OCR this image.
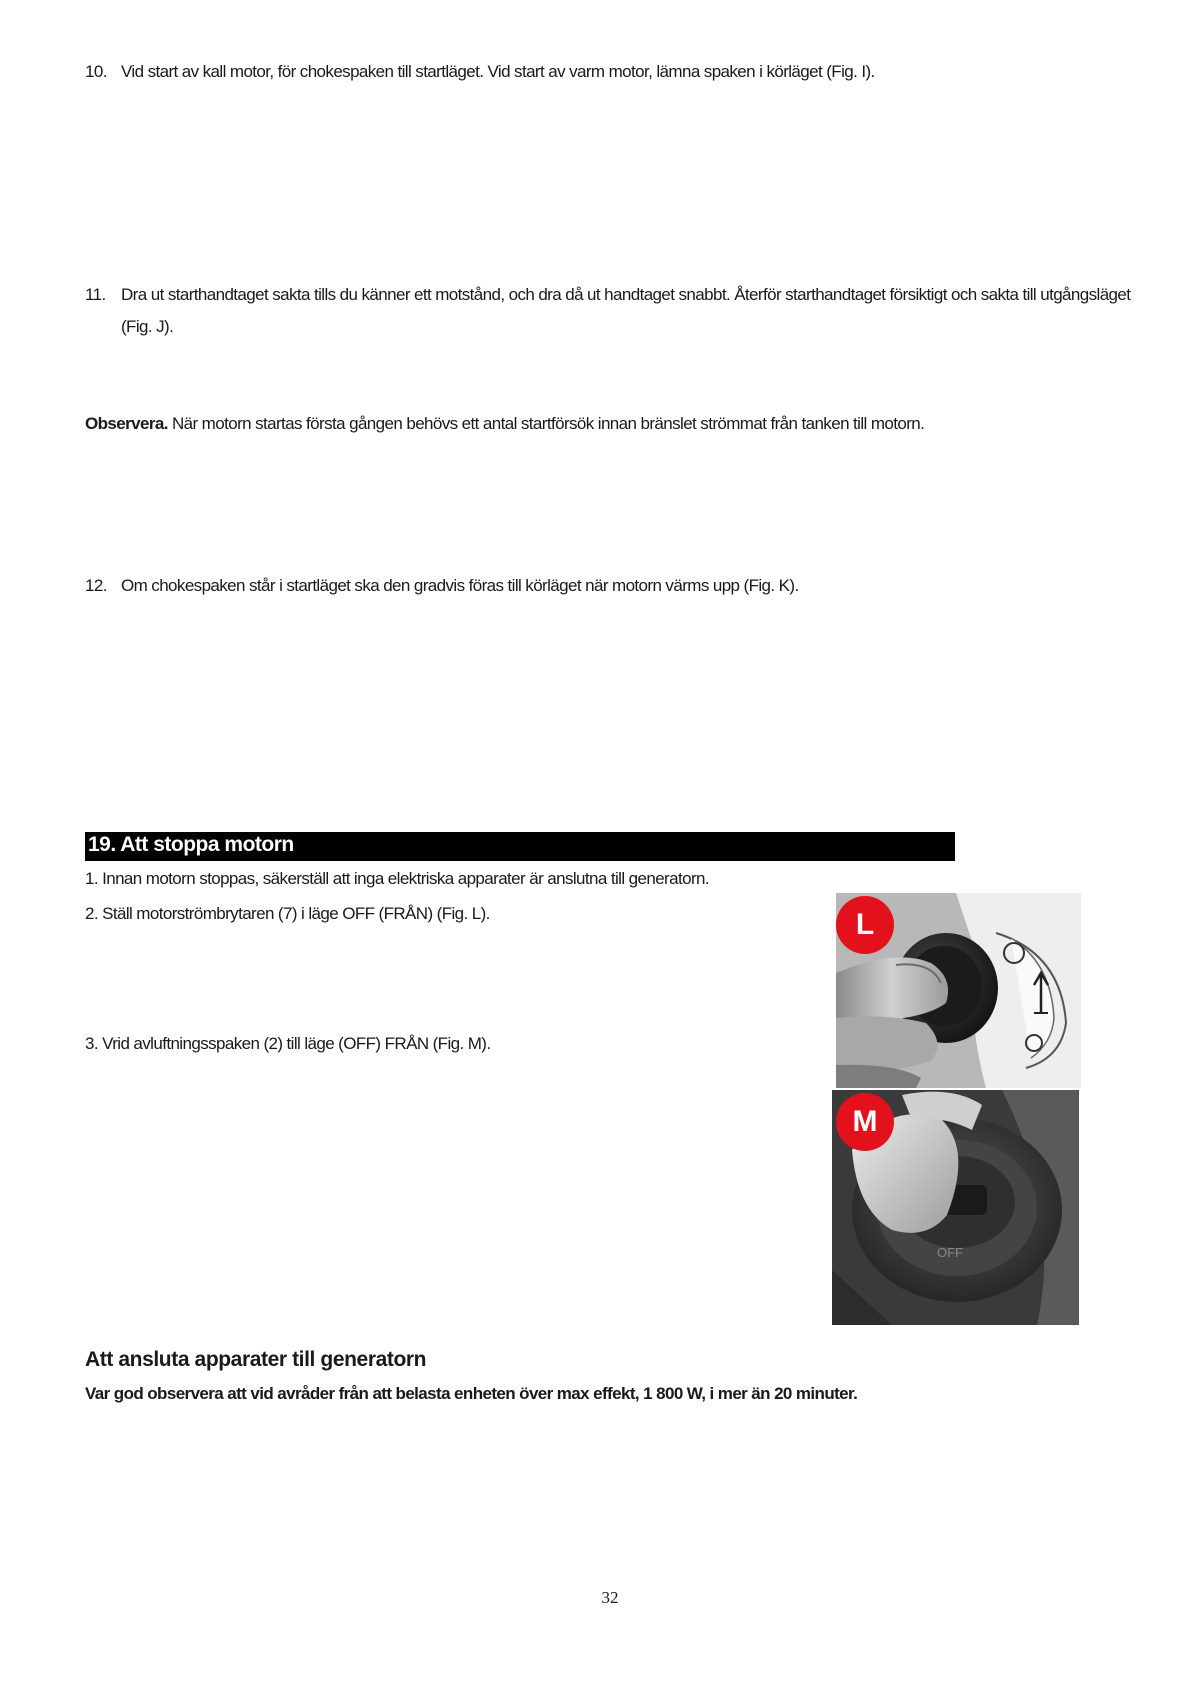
10. Vid start av kall motor, för chokespaken till startläget. Vid start av varm motor, lämna spaken i körläget (Fig. I).
11. Dra ut starthandtaget sakta tills du känner ett motstånd, och dra då ut handtaget snabbt. Återför starthandtaget försiktigt och sakta till utgångsläget
(Fig. J).
Observera. När motorn startas första gången behövs ett antal startförsök innan bränslet strömmat från tanken till motorn.
12. Om chokespaken står i startläget ska den gradvis föras till körläget när motorn värms upp (Fig. K).
19. Att stoppa motorn
1. Innan motorn stoppas, säkerställ att inga elektriska apparater är anslutna till generatorn.
2. Ställ motorströmbrytaren (7) i läge OFF (FRÅN) (Fig. L).
3. Vrid avluftningsspaken (2) till läge (OFF) FRÅN (Fig. M).
L
OFF
M
Att ansluta apparater till generatorn
Var god observera att vid avråder från att belasta enheten över max effekt, 1 800 W, i mer än 20 minuter.
32
